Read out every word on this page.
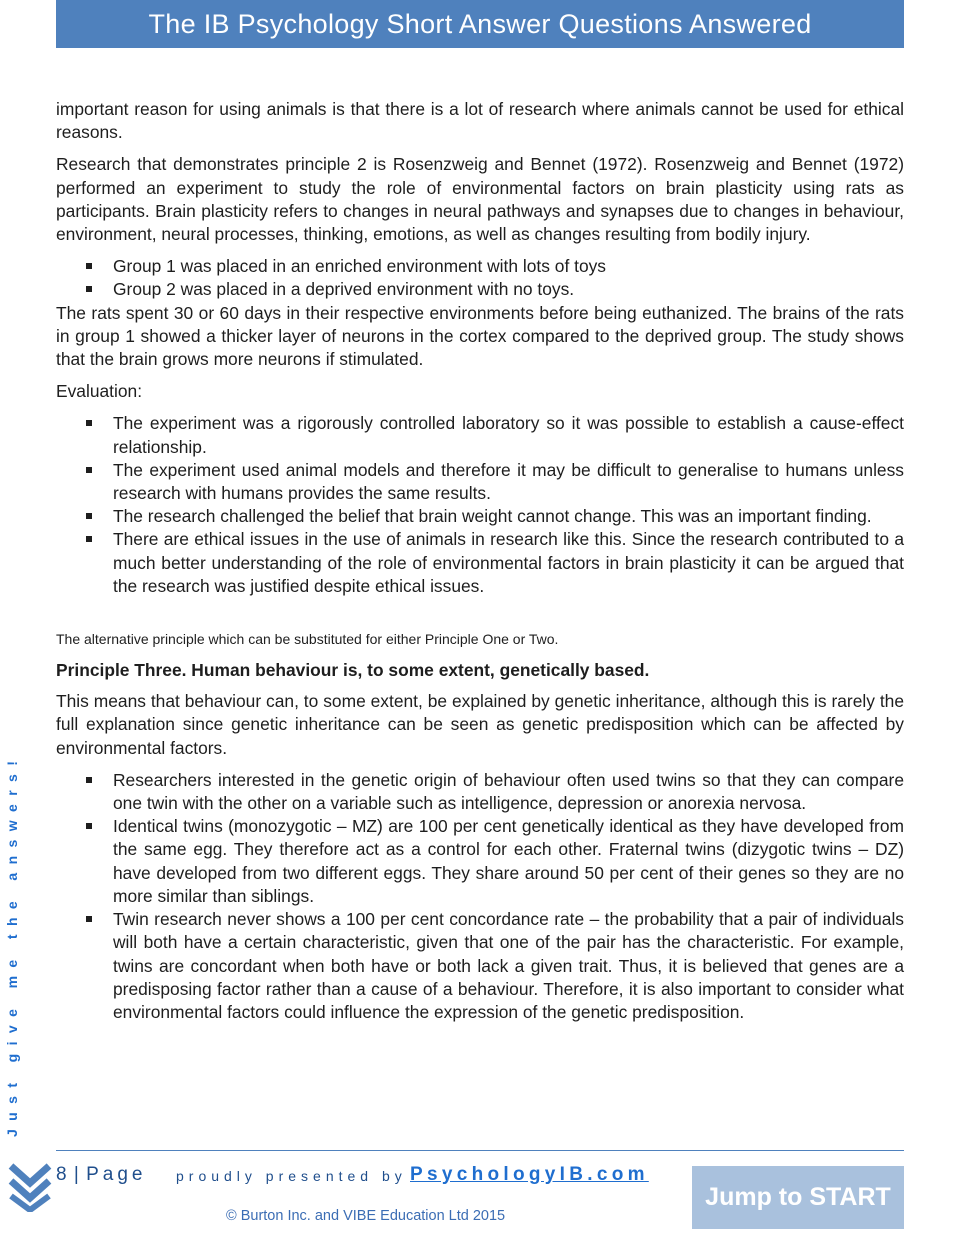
The IB Psychology Short Answer Questions Answered

important reason for using animals is that there is a lot of research where animals cannot be used for ethical reasons.

Research that demonstrates principle 2 is Rosenzweig and Bennet (1972). Rosenzweig and Bennet (1972) performed an experiment to study the role of environmental factors on brain plasticity using rats as participants. Brain plasticity refers to changes in neural pathways and synapses due to changes in behaviour, environment, neural processes, thinking, emotions, as well as changes resulting from bodily injury.

Group 1 was placed in an enriched environment with lots of toys
Group 2 was placed in a deprived environment with no toys.

The rats spent 30 or 60 days in their respective environments before being euthanized. The brains of the rats in group 1 showed a thicker layer of neurons in the cortex compared to the deprived group. The study shows that the brain grows more neurons if stimulated.

Evaluation:

The experiment was a rigorously controlled laboratory so it was possible to establish a cause-effect relationship.
The experiment used animal models and therefore it may be difficult to generalise to humans unless research with humans provides the same results.
The research challenged the belief that brain weight cannot change. This was an important finding.
There are ethical issues in the use of animals in research like this. Since the research contributed to a much better understanding of the role of environmental factors in brain plasticity it can be argued that the research was justified despite ethical issues.

The alternative principle which can be substituted for either Principle One or Two.

Principle Three. Human behaviour is, to some extent, genetically based.

This means that behaviour can, to some extent, be explained by genetic inheritance, although this is rarely the full explanation since genetic inheritance can be seen as genetic predisposition which can be affected by environmental factors.

Researchers interested in the genetic origin of behaviour often used twins so that they can compare one twin with the other on a variable such as intelligence, depression or anorexia nervosa.
Identical twins (monozygotic – MZ) are 100 per cent genetically identical as they have developed from the same egg. They therefore act as a control for each other. Fraternal twins (dizygotic twins – DZ) have developed from two different eggs. They share around 50 per cent of their genes so they are no more similar than siblings.
Twin research never shows a 100 per cent concordance rate – the probability that a pair of individuals will both have a certain characteristic, given that one of the pair has the characteristic. For example, twins are concordant when both have or both lack a given trait. Thus, it is believed that genes are a predisposing factor rather than a cause of a behaviour. Therefore, it is also important to consider what environmental factors could influence the expression of the genetic predisposition.
Just give me the answers!
8 | Page proudly presented by PsychologyIB.com
© Burton Inc. and VIBE Education Ltd 2015
Jump to START
